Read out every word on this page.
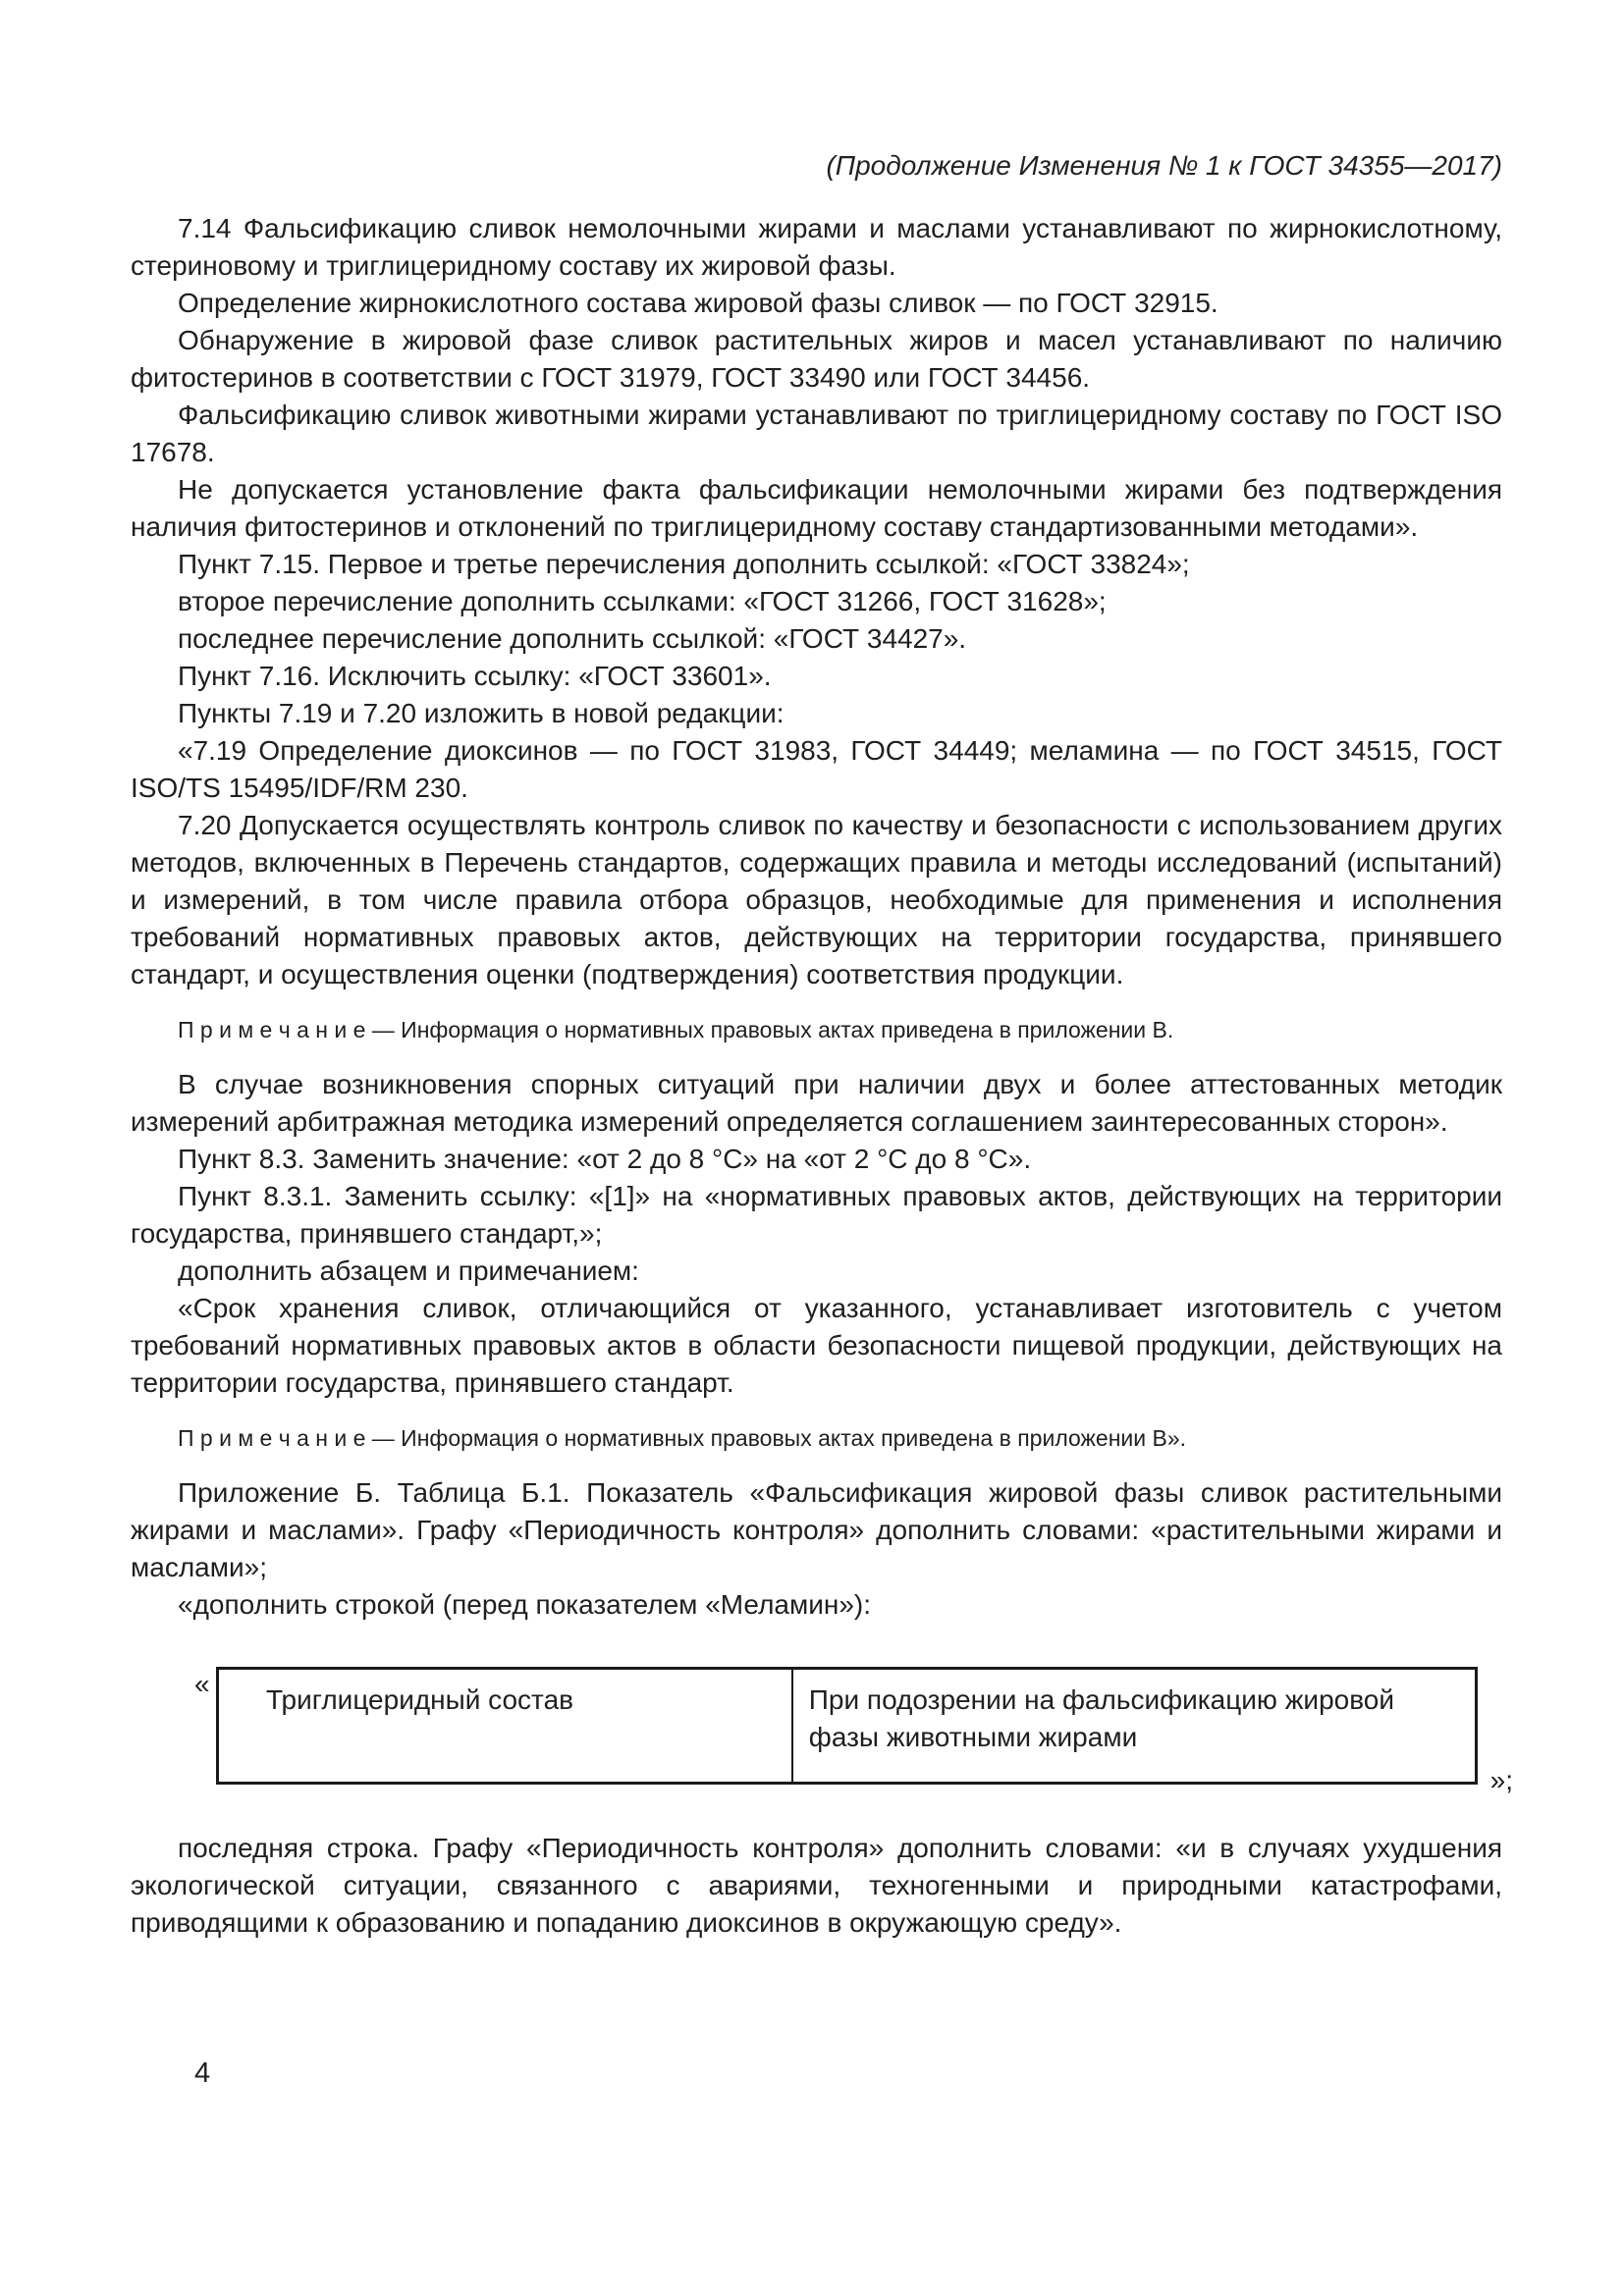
(Продолжение Изменения № 1 к ГОСТ 34355—2017)

7.14 Фальсификацию сливок немолочными жирами и маслами устанавливают по жирнокислотному, стериновому и триглицеридному составу их жировой фазы.

Определение жирнокислотного состава жировой фазы сливок — по ГОСТ 32915.

Обнаружение в жировой фазе сливок растительных жиров и масел устанавливают по наличию фитостеринов в соответствии с ГОСТ 31979, ГОСТ 33490 или ГОСТ 34456.

Фальсификацию сливок животными жирами устанавливают по триглицеридному составу по ГОСТ ISO 17678.

Не допускается установление факта фальсификации немолочными жирами без подтверждения наличия фитостеринов и отклонений по триглицеридному составу стандартизованными методами».

Пункт 7.15. Первое и третье перечисления дополнить ссылкой: «ГОСТ 33824»;

второе перечисление дополнить ссылками: «ГОСТ 31266, ГОСТ 31628»;

последнее перечисление дополнить ссылкой: «ГОСТ 34427».

Пункт 7.16. Исключить ссылку: «ГОСТ 33601».

Пункты 7.19 и 7.20 изложить в новой редакции:

«7.19 Определение диоксинов — по ГОСТ 31983, ГОСТ 34449; меламина — по ГОСТ 34515, ГОСТ ISO/TS 15495/IDF/RM 230.

7.20 Допускается осуществлять контроль сливок по качеству и безопасности с использованием других методов, включенных в Перечень стандартов, содержащих правила и методы исследований (испытаний) и измерений, в том числе правила отбора образцов, необходимые для применения и исполнения требований нормативных правовых актов, действующих на территории государства, принявшего стандарт, и осуществления оценки (подтверждения) соответствия продукции.

П р и м е ч а н и е — Информация о нормативных правовых актах приведена в приложении В.

В случае возникновения спорных ситуаций при наличии двух и более аттестованных методик измерений арбитражная методика измерений определяется соглашением заинтересованных сторон».

Пункт 8.3. Заменить значение: «от 2 до 8 °С» на «от 2 °С до 8 °С».

Пункт 8.3.1. Заменить ссылку: «[1]» на «нормативных правовых актов, действующих на территории государства, принявшего стандарт,»;

дополнить абзацем и примечанием:

«Срок хранения сливок, отличающийся от указанного, устанавливает изготовитель с учетом требований нормативных правовых актов в области безопасности пищевой продукции, действующих на территории государства, принявшего стандарт.

П р и м е ч а н и е — Информация о нормативных правовых актах приведена в приложении В».

Приложение Б. Таблица Б.1. Показатель «Фальсификация жировой фазы сливок растительными жирами и маслами». Графу «Периодичность контроля» дополнить словами: «растительными жирами и маслами»;

«дополнить строкой (перед показателем «Меламин»):

«
Триглицеридный состав	При подозрении на фальсификацию жировой фазы животными жирами
»;

последняя строка. Графу «Периодичность контроля» дополнить словами: «и в случаях ухудшения экологической ситуации, связанного с авариями, техногенными и природными катастрофами, приводящими к образованию и попаданию диоксинов в окружающую среду».

4
